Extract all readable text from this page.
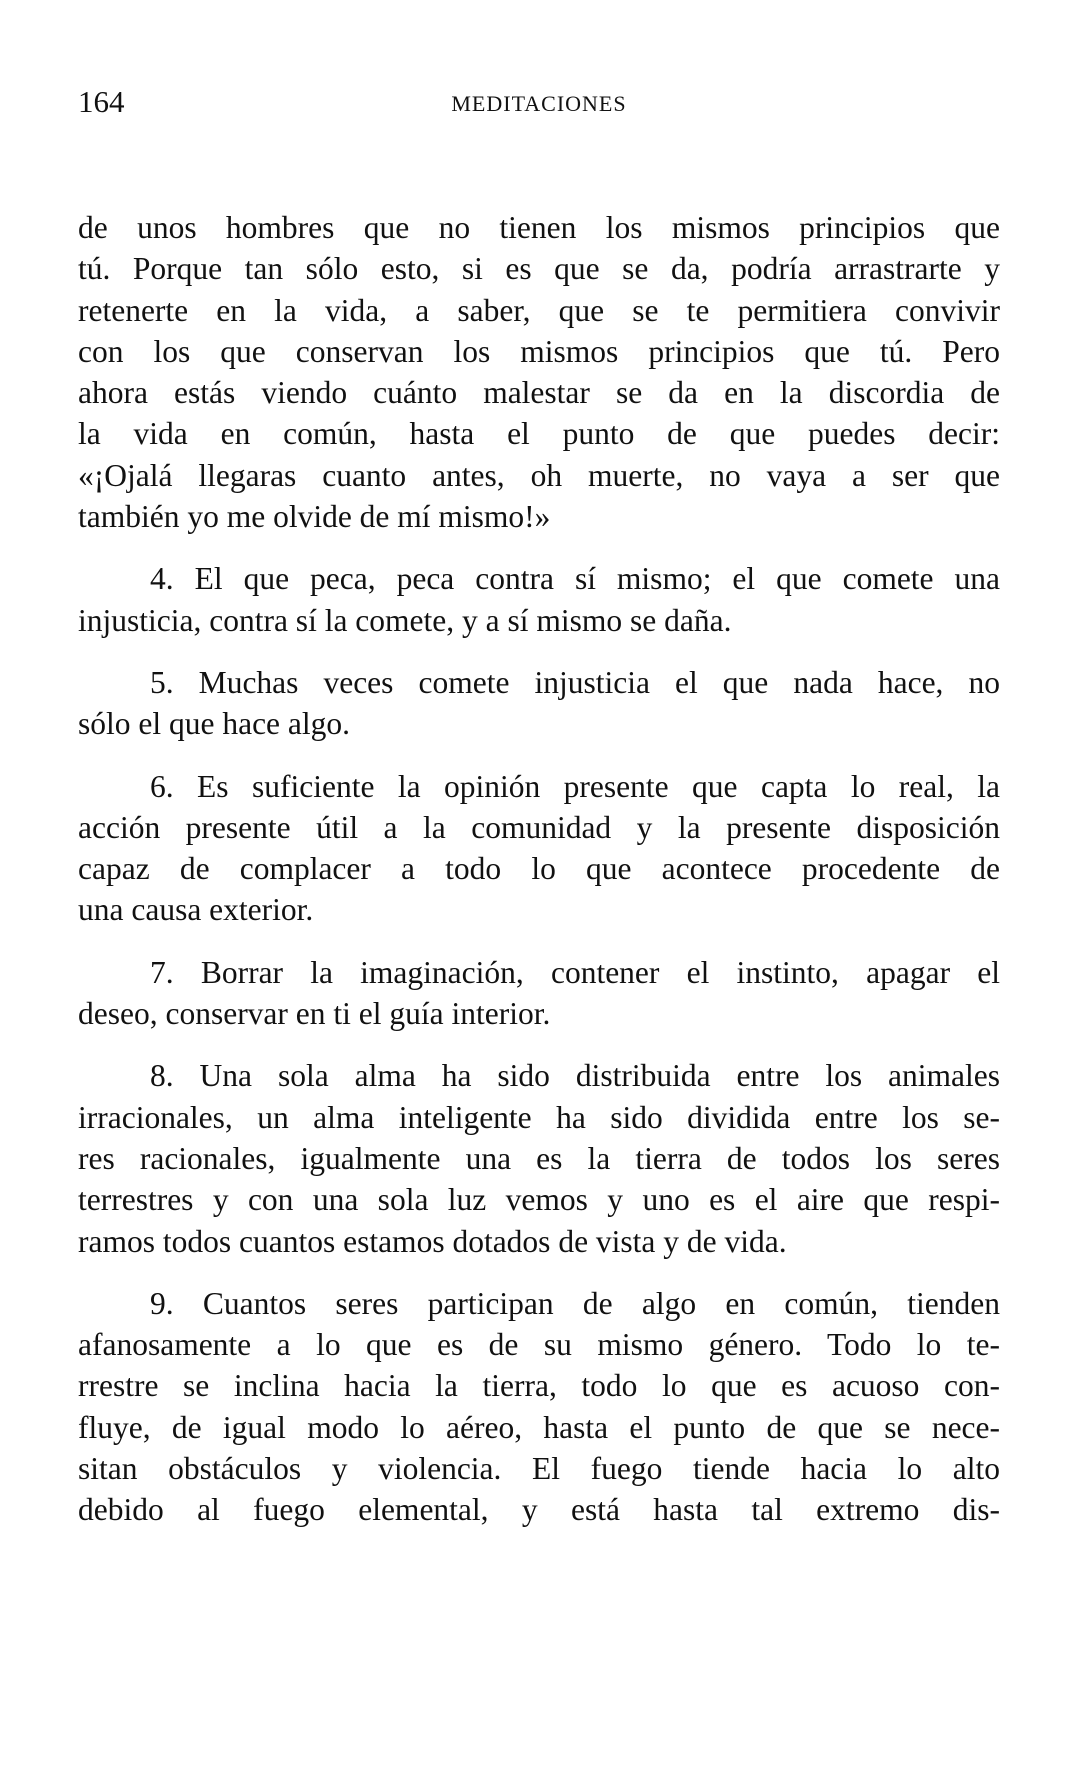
164	MEDITACIONES
de unos hombres que no tienen los mismos principios que
tú. Porque tan sólo esto, si es que se da, podría arrastrarte y
retenerte en la vida, a saber, que se te permitiera convivir
con los que conservan los mismos principios que tú. Pero
ahora estás viendo cuánto malestar se da en la discordia de
la vida en común, hasta el punto de que puedes decir:
«¡Ojalá llegaras cuanto antes, oh muerte, no vaya a ser que
también yo me olvide de mí mismo!»
4. El que peca, peca contra sí mismo; el que comete una
injusticia, contra sí la comete, y a sí mismo se daña.
5. Muchas veces comete injusticia el que nada hace, no
sólo el que hace algo.
6. Es suficiente la opinión presente que capta lo real, la
acción presente útil a la comunidad y la presente disposición
capaz de complacer a todo lo que acontece procedente de
una causa exterior.
7. Borrar la imaginación, contener el instinto, apagar el
deseo, conservar en ti el guía interior.
8. Una sola alma ha sido distribuida entre los animales
irracionales, un alma inteligente ha sido dividida entre los se-
res racionales, igualmente una es la tierra de todos los seres
terrestres y con una sola luz vemos y uno es el aire que respi-
ramos todos cuantos estamos dotados de vista y de vida.
9. Cuantos seres participan de algo en común, tienden
afanosamente a lo que es de su mismo género. Todo lo te-
rrestre se inclina hacia la tierra, todo lo que es acuoso con-
fluye, de igual modo lo aéreo, hasta el punto de que se nece-
sitan obstáculos y violencia. El fuego tiende hacia lo alto
debido al fuego elemental, y está hasta tal extremo dis-
